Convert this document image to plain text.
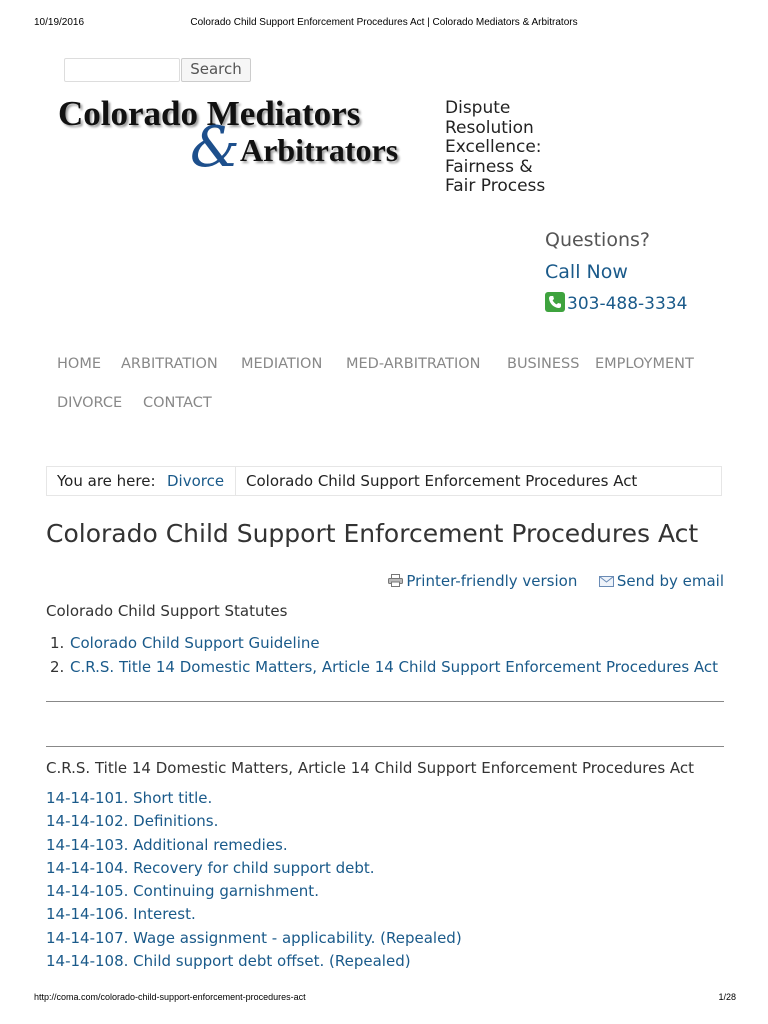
10/19/2016	Colorado Child Support Enforcement Procedures Act | Colorado Mediators & Arbitrators
Search
Colorado Mediators
& Arbitrators
Dispute
Resolution
Excellence:
Fairness &
Fair Process
Questions?
Call Now
303-488-3334
HOME ARBITRATION MEDIATION MED-ARBITRATION BUSINESS EMPLOYMENT
DIVORCE CONTACT
You are here: Divorce Colorado Child Support Enforcement Procedures Act
Colorado Child Support Enforcement Procedures Act
Printer-friendly version	Send by email
Colorado Child Support Statutes
1. Colorado Child Support Guideline
2. C.R.S. Title 14 Domestic Matters, Article 14 Child Support Enforcement Procedures Act
C.R.S. Title 14 Domestic Matters, Article 14 Child Support Enforcement Procedures Act
14-14-101. Short title.
14-14-102. Definitions.
14-14-103. Additional remedies.
14-14-104. Recovery for child support debt.
14-14-105. Continuing garnishment.
14-14-106. Interest.
14-14-107. Wage assignment - applicability. (Repealed)
14-14-108. Child support debt offset. (Repealed)
http://coma.com/colorado-child-support-enforcement-procedures-act	1/28
